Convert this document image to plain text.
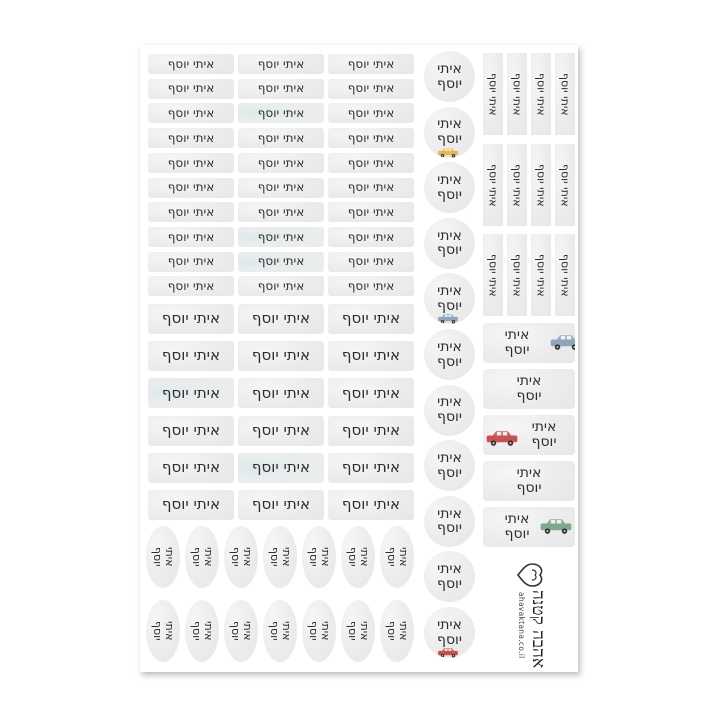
איתי יוסף	איתי יוסף	איתי יוסף
איתי יוסף	איתי יוסף	איתי יוסף
איתי יוסף	איתי יוסף	איתי יוסף
איתי יוסף	איתי יוסף	איתי יוסף
איתי יוסף	איתי יוסף	איתי יוסף
איתי יוסף	איתי יוסף	איתי יוסף
איתי יוסף	איתי יוסף	איתי יוסף
איתי יוסף	איתי יוסף	איתי יוסף
איתי יוסף	איתי יוסף	איתי יוסף
איתי יוסף	איתי יוסף	איתי יוסף
איתי יוסף איתי יוסף איתי יוסף
איתי יוסף איתי יוסף איתי יוסף
איתי יוסף איתי יוסף איתי יוסף
איתי יוסף איתי יוסף איתי יוסף
איתי יוסף איתי יוסף איתי יוסף
איתי יוסף איתי יוסף איתי יוסף
איתי
יוסף
איתי
יוסף
איתי
יוסף
איתי
יוסף
איתי
יוסף
איתי
יוסף
איתי
יוסף
איתי
יוסף
איתי
יוסף
איתי
יוסף
איתי
יוסף
איתי יוסף איתי יוסף איתי יוסף איתי יוסף
איתי יוסף איתי יוסף איתי יוסף איתי יוסף
איתי יוסף איתי יוסף איתי יוסף איתי יוסף
איתי
יוסף
איתי
יוסף
איתי
יוסף
איתי
יוסף
איתי
יוסף
איתי
יוסף	איתי
יוסף	איתי
יוסף	איתי
יוסף	איתי
יוסף	איתי
יוסף	איתי
יוסף
איתי
יוסף	איתי
יוסף	איתי
יוסף	איתי
יוסף	איתי
יוסף	איתי
יוסף	איתי
יוסף	אהבה קטנה
ahavaktana.co.il
